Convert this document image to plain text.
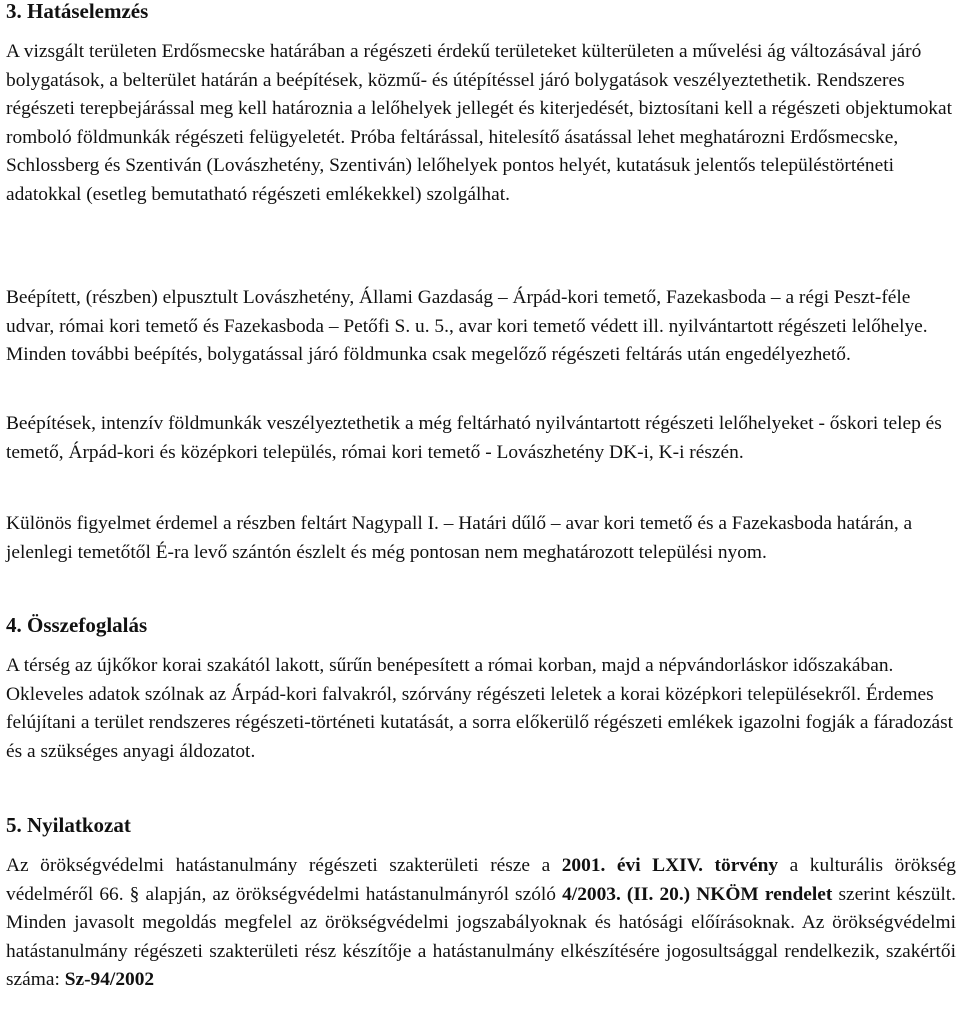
3. Hatáselemzés

A vizsgált területen Erdősmecske határában a régészeti érdekű területeket külterületen a művelési ág változásával járó bolygatások, a belterület határán a beépítések, közmű- és útépítéssel járó bolygatások veszélyeztethetik. Rendszeres régészeti terepbejárással meg kell határoznia a lelőhelyek jellegét és kiterjedését, biztosítani kell a régészeti objektumokat romboló földmunkák régészeti felügyeletét. Próba feltárással, hitelesítő ásatással lehet meghatározni Erdősmecske, Schlossberg és Szentiván (Lovászhetény, Szentiván) lelőhelyek pontos helyét, kutatásuk jelentős településtörténeti adatokkal (esetleg bemutatható régészeti emlékekkel) szolgálhat.

Beépített, (részben) elpusztult Lovászhetény, Állami Gazdaság – Árpád-kori temető, Fazekasboda – a régi Peszt-féle udvar, római kori temető és Fazekasboda – Petőfi S. u. 5., avar kori temető védett ill. nyilvántartott régészeti lelőhelye. Minden további beépítés, bolygatással járó földmunka csak megelőző régészeti feltárás után engedélyezhető.

Beépítések, intenzív földmunkák veszélyeztethetik a még feltárható nyilvántartott régészeti lelőhelyeket - őskori telep és temető, Árpád-kori és középkori település, római kori temető - Lovászhetény DK-i, K-i részén.

Különös figyelmet érdemel a részben feltárt Nagypall I. – Határi dűlő – avar kori temető és a Fazekasboda határán, a jelenlegi temetőtől É-ra levő szántón észlelt és még pontosan nem meghatározott települési nyom.

4. Összefoglalás

A térség az újkőkor korai szakától lakott, sűrűn benépesített a római korban, majd a népvándorláskor időszakában. Okleveles adatok szólnak az Árpád-kori falvakról, szórvány régészeti leletek a korai középkori településekről. Érdemes felújítani a terület rendszeres régészeti-történeti kutatását, a sorra előkerülő régészeti emlékek igazolni fogják a fáradozást és a szükséges anyagi áldozatot.

5. Nyilatkozat

Az örökségvédelmi hatástanulmány régészeti szakterületi része a 2001. évi LXIV. törvény a kulturális örökség védelméről 66. § alapján, az örökségvédelmi hatástanulmányról szóló 4/2003. (II. 20.) NKÖM rendelet szerint készült. Minden javasolt megoldás megfelel az örökségvédelmi jogszabályoknak és hatósági előírásoknak. Az örökségvédelmi hatástanulmány régészeti szakterületi rész készítője a hatástanulmány elkészítésére jogosultsággal rendelkezik, szakértői száma: Sz-94/2002
